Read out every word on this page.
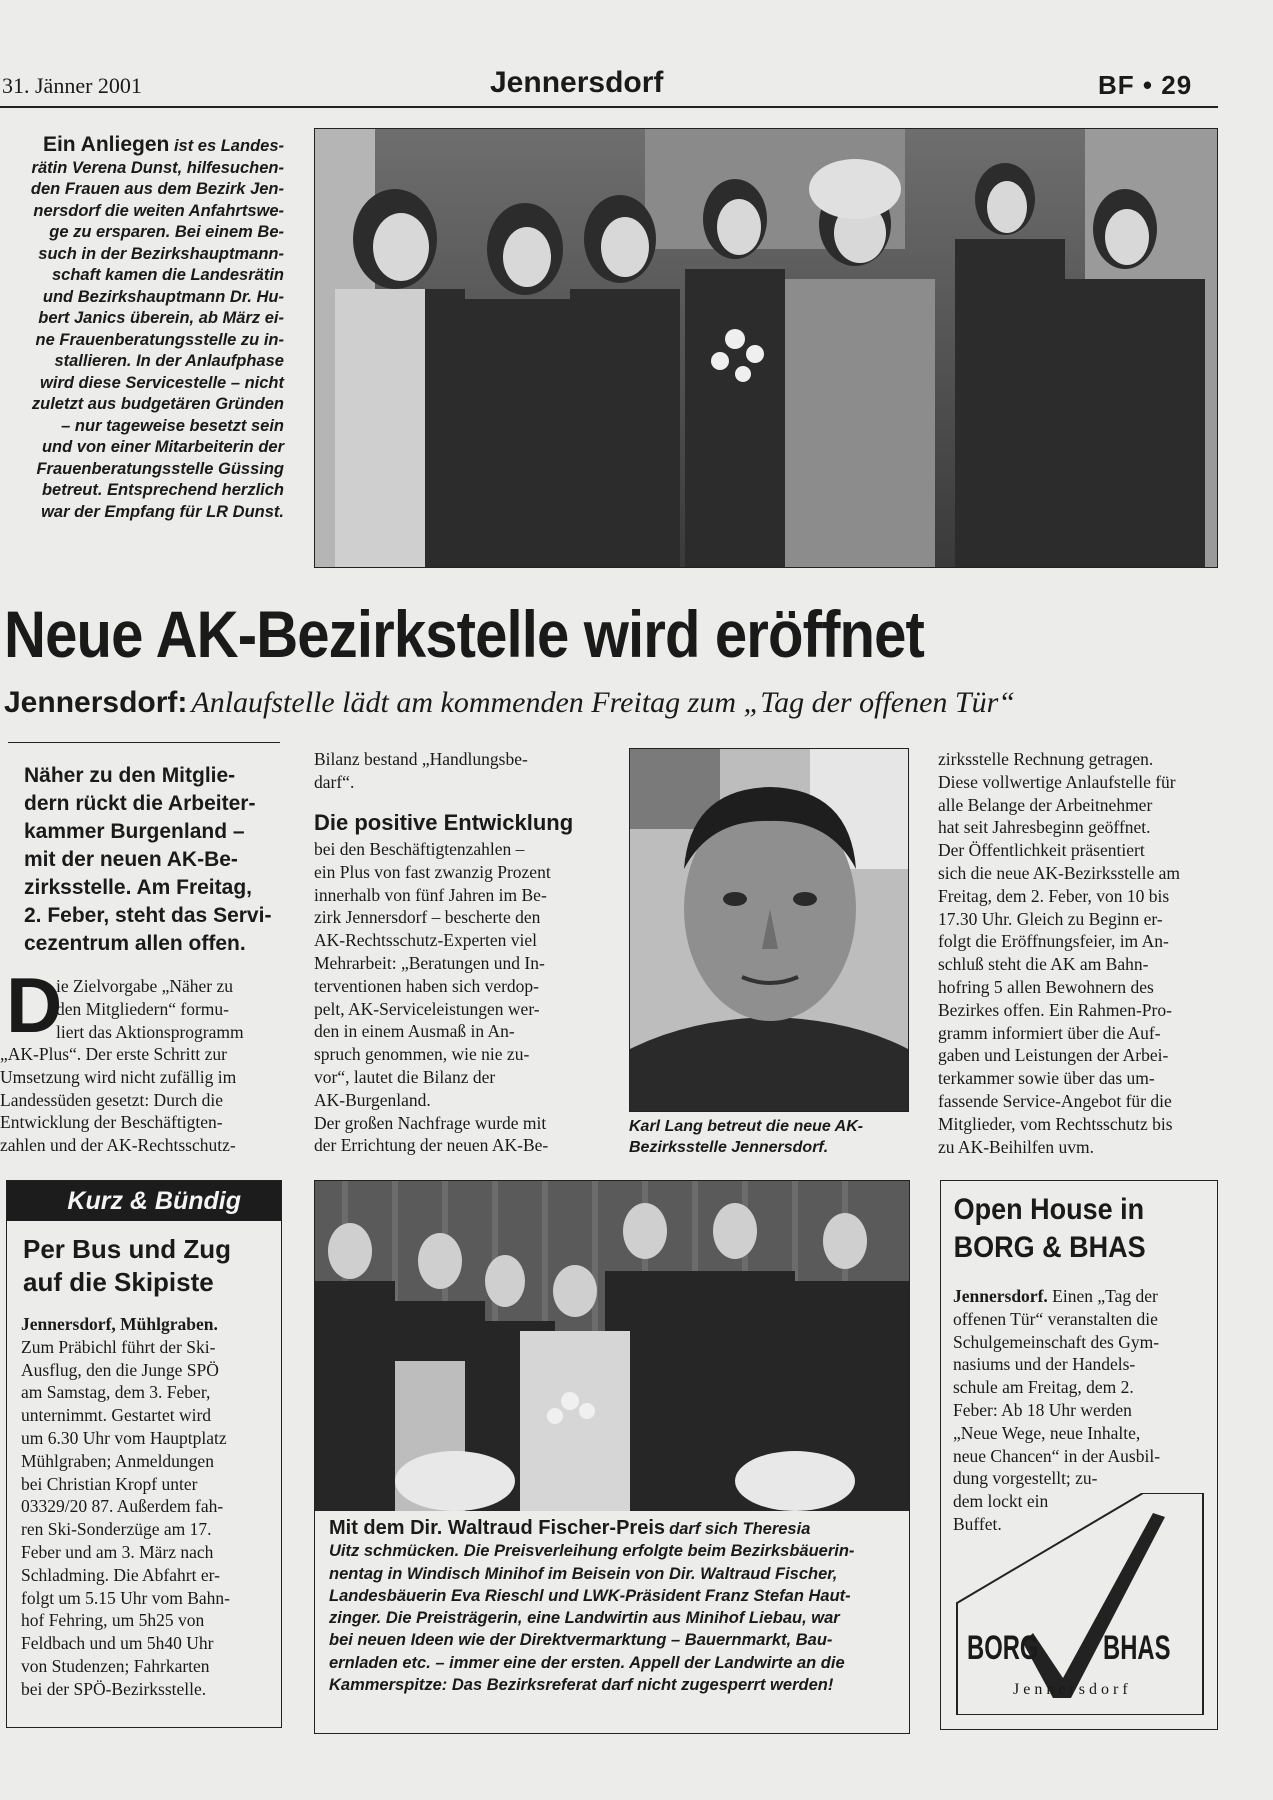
31. Jänner 2001	Jennersdorf	BF • 29
Ein Anliegen ist es Landes-
rätin Verena Dunst, hilfesuchen-
den Frauen aus dem Bezirk Jen-
nersdorf die weiten Anfahrtswe-
ge zu ersparen. Bei einem Be-
such in der Bezirkshauptmann-
schaft kamen die Landesrätin
und Bezirkshauptmann Dr. Hu-
bert Janics überein, ab März ei-
ne Frauenberatungsstelle zu in-
stallieren. In der Anlaufphase
wird diese Servicestelle – nicht
zuletzt aus budgetären Gründen
– nur tageweise besetzt sein
und von einer Mitarbeiterin der
Frauenberatungsstelle Güssing
betreut. Entsprechend herzlich
war der Empfang für LR Dunst.
Neue AK-Bezirkstelle wird eröffnet
Jennersdorf: Anlaufstelle lädt am kommenden Freitag zum „Tag der offenen Tür“
Näher zu den Mitglie-
dern rückt die Arbeiter-
kammer Burgenland –
mit der neuen AK-Be-
zirksstelle. Am Freitag,
2. Feber, steht das Servi-
cezentrum allen offen.
D
ie Zielvorgabe „Näher zu
den Mitgliedern“ formu-
liert das Aktionsprogramm
„AK-Plus“. Der erste Schritt zur
Umsetzung wird nicht zufällig im
Landessüden gesetzt: Durch die
Entwicklung der Beschäftigten-
zahlen und der AK-Rechtsschutz-
Bilanz bestand „Handlungsbe-
darf“.
Die positive Entwicklung
bei den Beschäftigtenzahlen –
ein Plus von fast zwanzig Prozent
innerhalb von fünf Jahren im Be-
zirk Jennersdorf – bescherte den
AK-Rechtsschutz-Experten viel
Mehrarbeit: „Beratungen und In-
terventionen haben sich verdop-
pelt, AK-Serviceleistungen wer-
den in einem Ausmaß in An-
spruch genommen, wie nie zu-
vor“, lautet die Bilanz der
AK-Burgenland.
Der großen Nachfrage wurde mit
der Errichtung der neuen AK-Be-
Karl Lang betreut die neue AK-
Bezirksstelle Jennersdorf.
zirksstelle Rechnung getragen.
Diese vollwertige Anlaufstelle für
alle Belange der Arbeitnehmer
hat seit Jahresbeginn geöffnet.
Der Öffentlichkeit präsentiert
sich die neue AK-Bezirksstelle am
Freitag, dem 2. Feber, von 10 bis
17.30 Uhr. Gleich zu Beginn er-
folgt die Eröffnungsfeier, im An-
schluß steht die AK am Bahn-
hofring 5 allen Bewohnern des
Bezirkes offen. Ein Rahmen-Pro-
gramm informiert über die Auf-
gaben und Leistungen der Arbei-
terkammer sowie über das um-
fassende Service-Angebot für die
Mitglieder, vom Rechtsschutz bis
zu AK-Beihilfen uvm.
Kurz & Bündig
Per Bus und Zug
auf die Skipiste
Jennersdorf, Mühlgraben.
Zum Präbichl führt der Ski-
Ausflug, den die Junge SPÖ
am Samstag, dem 3. Feber,
unternimmt. Gestartet wird
um 6.30 Uhr vom Hauptplatz
Mühlgraben; Anmeldungen
bei Christian Kropf unter
03329/20 87. Außerdem fah-
ren Ski-Sonderzüge am 17.
Feber und am 3. März nach
Schladming. Die Abfahrt er-
folgt um 5.15 Uhr vom Bahn-
hof Fehring, um 5h25 von
Feldbach und um 5h40 Uhr
von Studenzen; Fahrkarten
bei der SPÖ-Bezirksstelle.
Mit dem Dir. Waltraud Fischer-Preis darf sich Theresia
Uitz schmücken. Die Preisverleihung erfolgte beim Bezirksbäuerin-
nentag in Windisch Minihof im Beisein von Dir. Waltraud Fischer,
Landesbäuerin Eva Rieschl und LWK-Präsident Franz Stefan Haut-
zinger. Die Preisträgerin, eine Landwirtin aus Minihof Liebau, war
bei neuen Ideen wie der Direktvermarktung – Bauernmarkt, Bau-
ernladen etc. – immer eine der ersten. Appell der Landwirte an die
Kammerspitze: Das Bezirksreferat darf nicht zugesperrt werden!
Open House in
BORG & BHAS
Jennersdorf. Einen „Tag der
offenen Tür“ veranstalten die
Schulgemeinschaft des Gym-
nasiums und der Handels-
schule am Freitag, dem 2.
Feber: Ab 18 Uhr werden
„Neue Wege, neue Inhalte,
neue Chancen“ in der Ausbil-
dung vorgestellt; zu-
dem lockt ein
Buffet.
BORG BHAS
Jennersdorf
